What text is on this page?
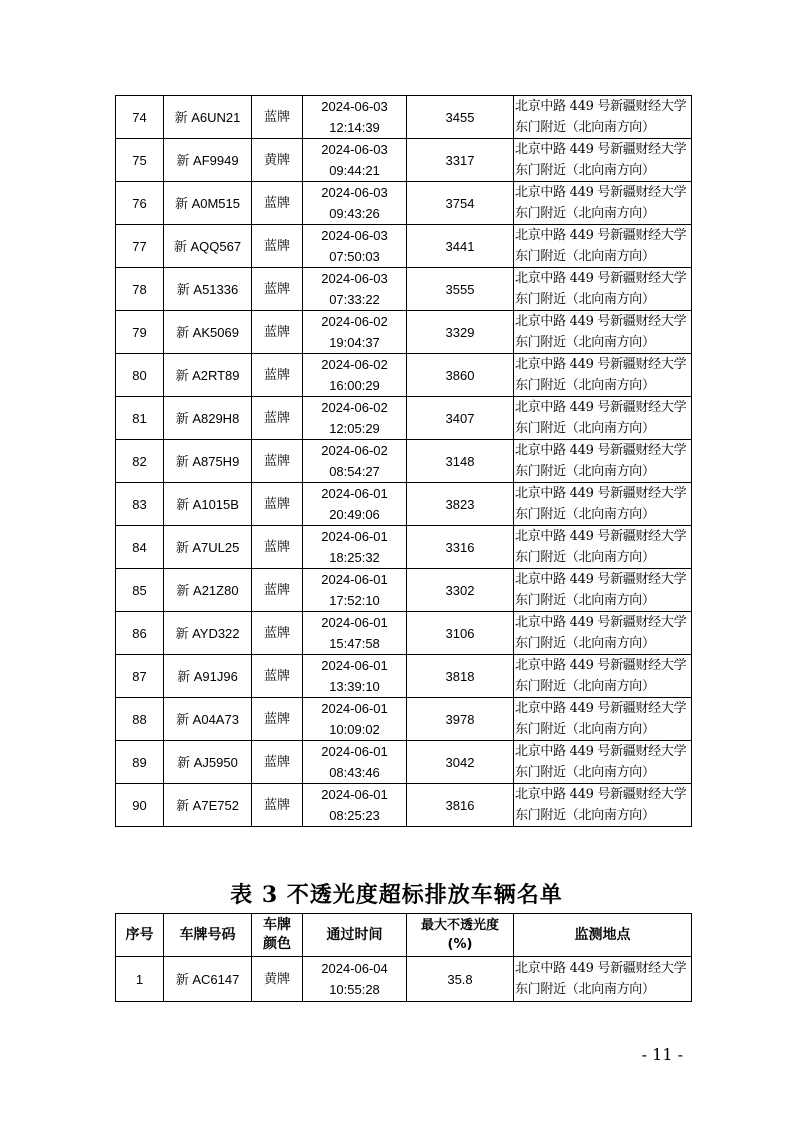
74	新 A6UN21	蓝牌	2024-06-03
12:14:39	3455	北京中路 449 号新疆财经大学
东门附近（北向南方向）
75	新 AF9949	黄牌	2024-06-03
09:44:21	3317	北京中路 449 号新疆财经大学
东门附近（北向南方向）
76	新 A0M515	蓝牌	2024-06-03
09:43:26	3754	北京中路 449 号新疆财经大学
东门附近（北向南方向）
77	新 AQQ567	蓝牌	2024-06-03
07:50:03	3441	北京中路 449 号新疆财经大学
东门附近（北向南方向）
78	新 A51336	蓝牌	2024-06-03
07:33:22	3555	北京中路 449 号新疆财经大学
东门附近（北向南方向）
79	新 AK5069	蓝牌	2024-06-02
19:04:37	3329	北京中路 449 号新疆财经大学
东门附近（北向南方向）
80	新 A2RT89	蓝牌	2024-06-02
16:00:29	3860	北京中路 449 号新疆财经大学
东门附近（北向南方向）
81	新 A829H8	蓝牌	2024-06-02
12:05:29	3407	北京中路 449 号新疆财经大学
东门附近（北向南方向）
82	新 A875H9	蓝牌	2024-06-02
08:54:27	3148	北京中路 449 号新疆财经大学
东门附近（北向南方向）
83	新 A1015B	蓝牌	2024-06-01
20:49:06	3823	北京中路 449 号新疆财经大学
东门附近（北向南方向）
84	新 A7UL25	蓝牌	2024-06-01
18:25:32	3316	北京中路 449 号新疆财经大学
东门附近（北向南方向）
85	新 A21Z80	蓝牌	2024-06-01
17:52:10	3302	北京中路 449 号新疆财经大学
东门附近（北向南方向）
86	新 AYD322	蓝牌	2024-06-01
15:47:58	3106	北京中路 449 号新疆财经大学
东门附近（北向南方向）
87	新 A91J96	蓝牌	2024-06-01
13:39:10	3818	北京中路 449 号新疆财经大学
东门附近（北向南方向）
88	新 A04A73	蓝牌	2024-06-01
10:09:02	3978	北京中路 449 号新疆财经大学
东门附近（北向南方向）
89	新 AJ5950	蓝牌	2024-06-01
08:43:46	3042	北京中路 449 号新疆财经大学
东门附近（北向南方向）
90	新 A7E752	蓝牌	2024-06-01
08:25:23	3816	北京中路 449 号新疆财经大学
东门附近（北向南方向）
表 3 不透光度超标排放车辆名单
序号	车牌号码	车牌
颜色	通过时间	最大不透光度
(%)	监测地点
1	新 AC6147	黄牌	2024-06-04
10:55:28	35.8	北京中路 449 号新疆财经大学
东门附近（北向南方向）
- 11 -
